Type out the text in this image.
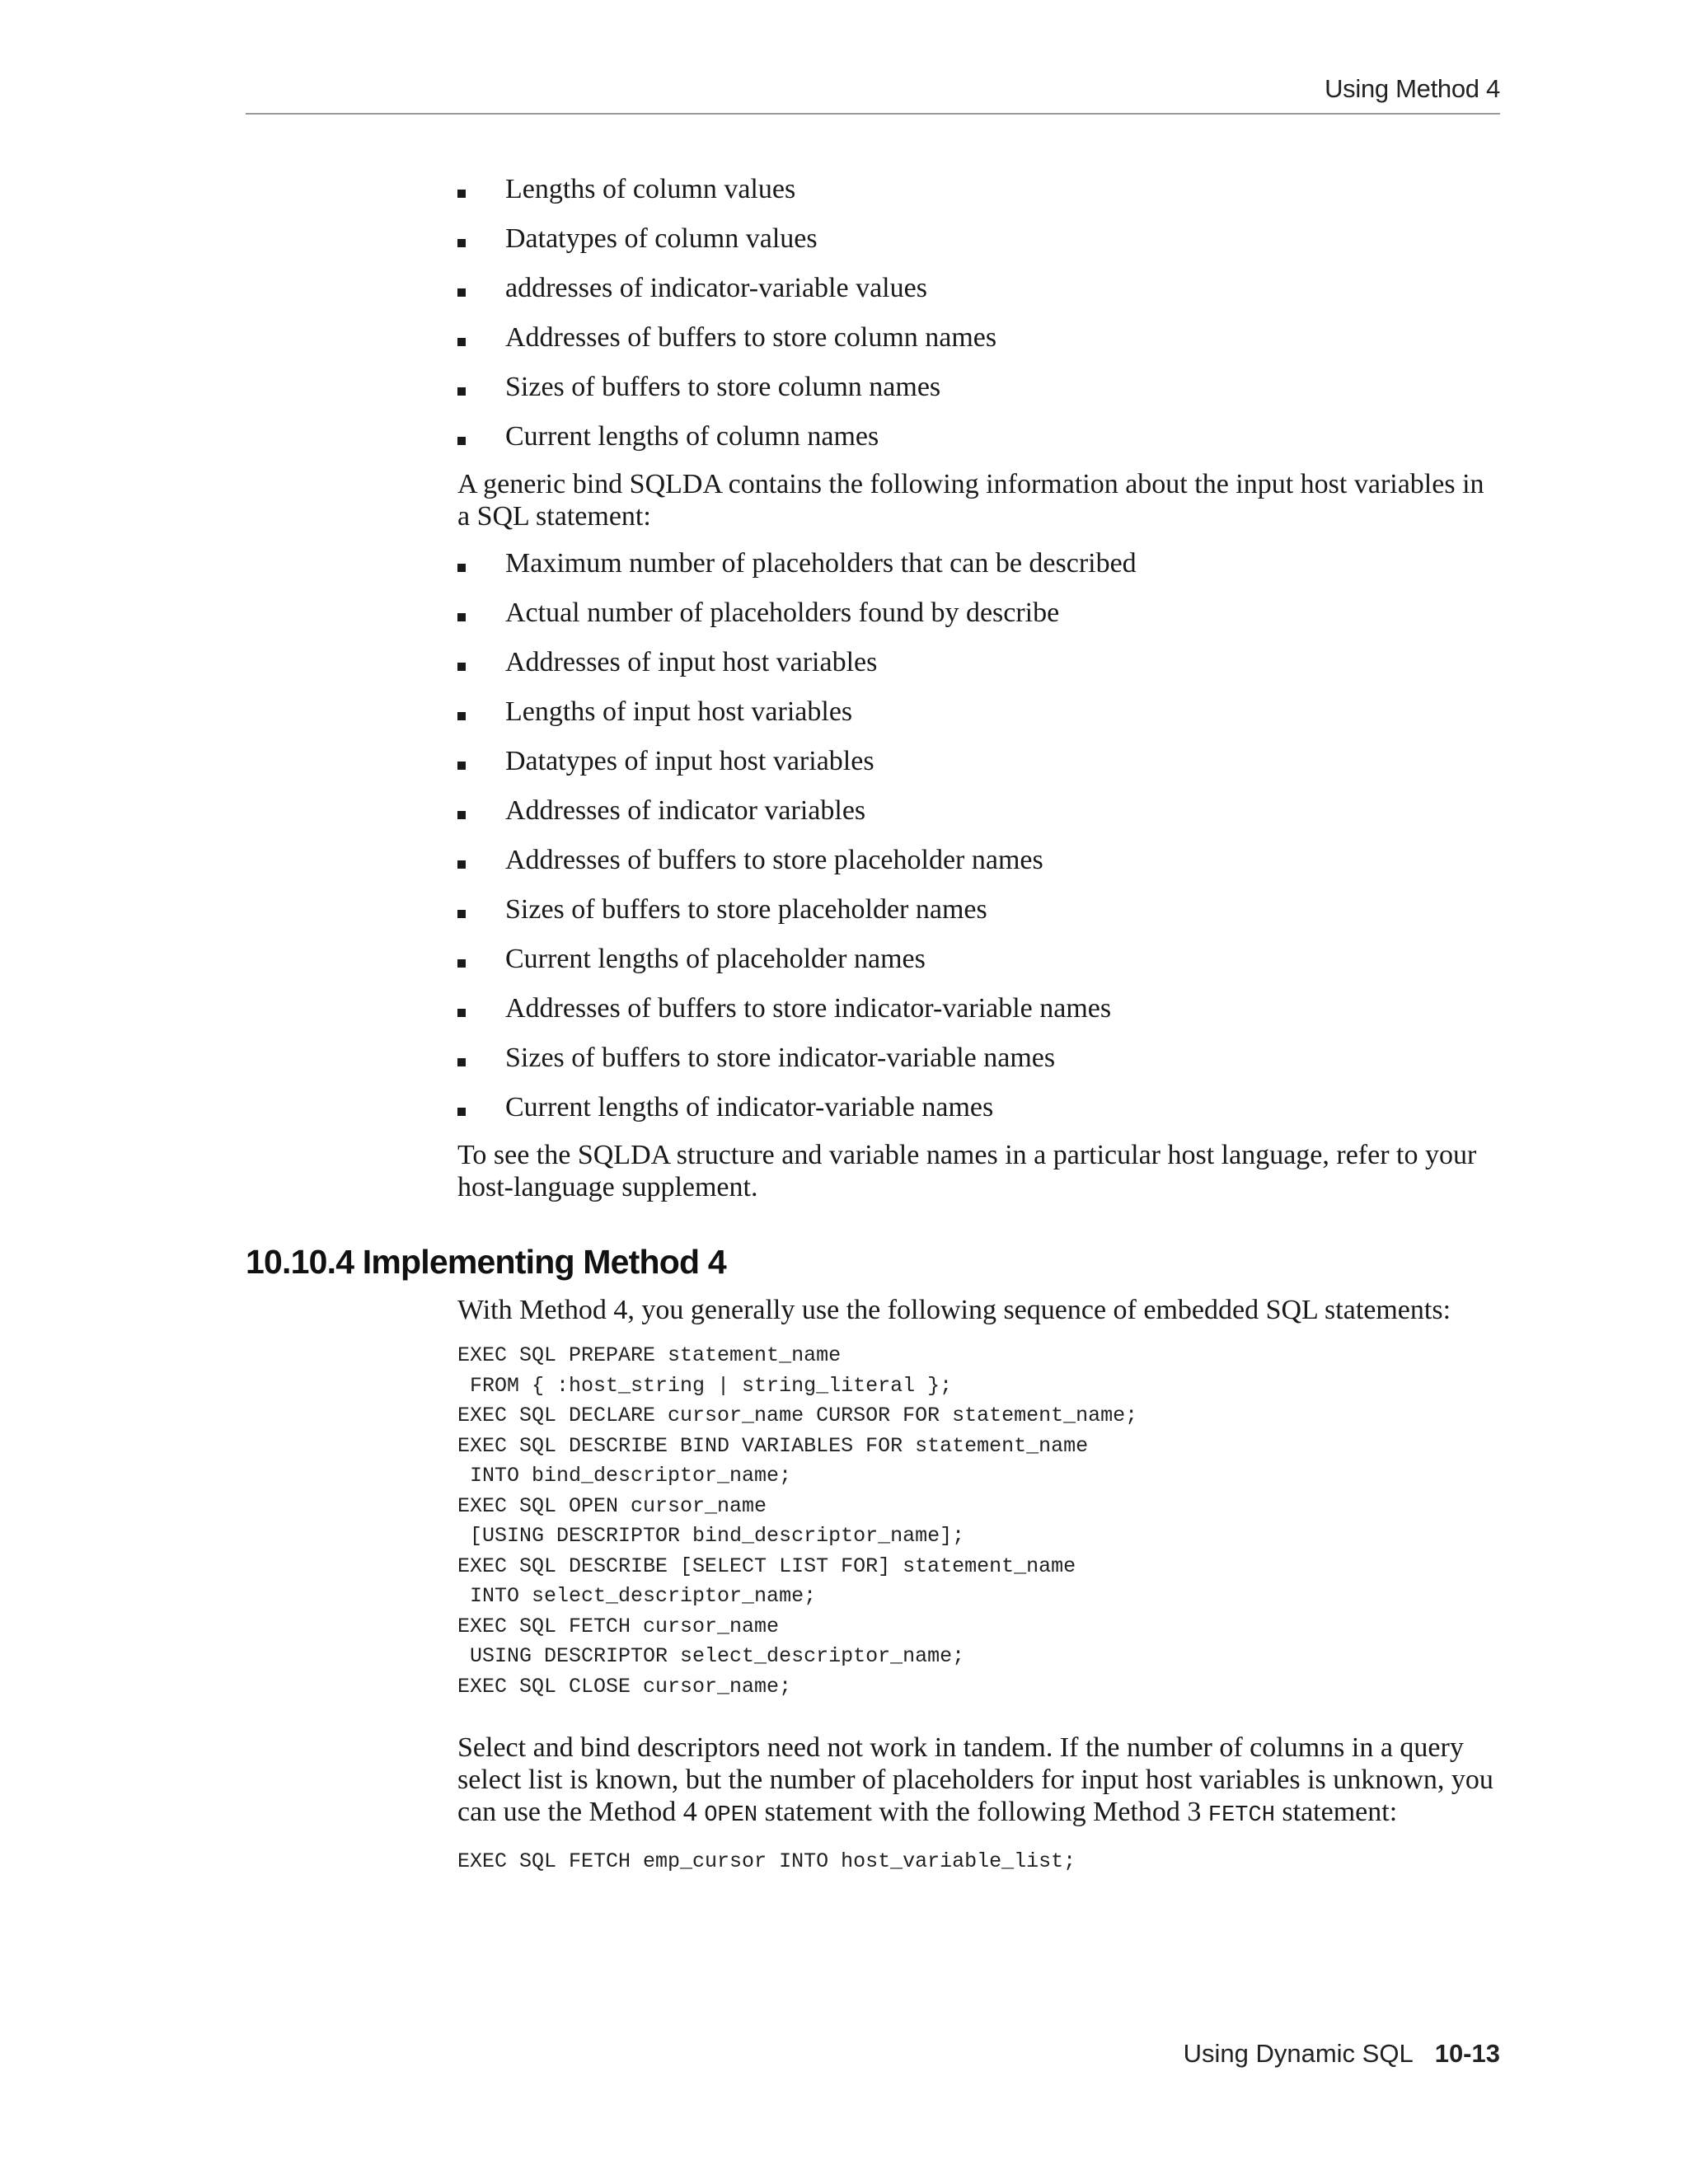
Using Method 4
Lengths of column values
Datatypes of column values
addresses of indicator-variable values
Addresses of buffers to store column names
Sizes of buffers to store column names
Current lengths of column names

A generic bind SQLDA contains the following information about the input host variables in a SQL statement:

Maximum number of placeholders that can be described
Actual number of placeholders found by describe
Addresses of input host variables
Lengths of input host variables
Datatypes of input host variables
Addresses of indicator variables
Addresses of buffers to store placeholder names
Sizes of buffers to store placeholder names
Current lengths of placeholder names
Addresses of buffers to store indicator-variable names
Sizes of buffers to store indicator-variable names
Current lengths of indicator-variable names

To see the SQLDA structure and variable names in a particular host language, refer to your host-language supplement.

10.10.4 Implementing Method 4

With Method 4, you generally use the following sequence of embedded SQL statements:

EXEC SQL PREPARE statement_name
FROM { :host_string | string_literal };
EXEC SQL DECLARE cursor_name CURSOR FOR statement_name;
EXEC SQL DESCRIBE BIND VARIABLES FOR statement_name
INTO bind_descriptor_name;
EXEC SQL OPEN cursor_name
[USING DESCRIPTOR bind_descriptor_name];
EXEC SQL DESCRIBE [SELECT LIST FOR] statement_name
INTO select_descriptor_name;
EXEC SQL FETCH cursor_name
USING DESCRIPTOR select_descriptor_name;
EXEC SQL CLOSE cursor_name;

Select and bind descriptors need not work in tandem. If the number of columns in a query select list is known, but the number of placeholders for input host variables is unknown, you can use the Method 4 OPEN statement with the following Method 3 FETCH statement:

EXEC SQL FETCH emp_cursor INTO host_variable_list;
Using Dynamic SQL 10-13
